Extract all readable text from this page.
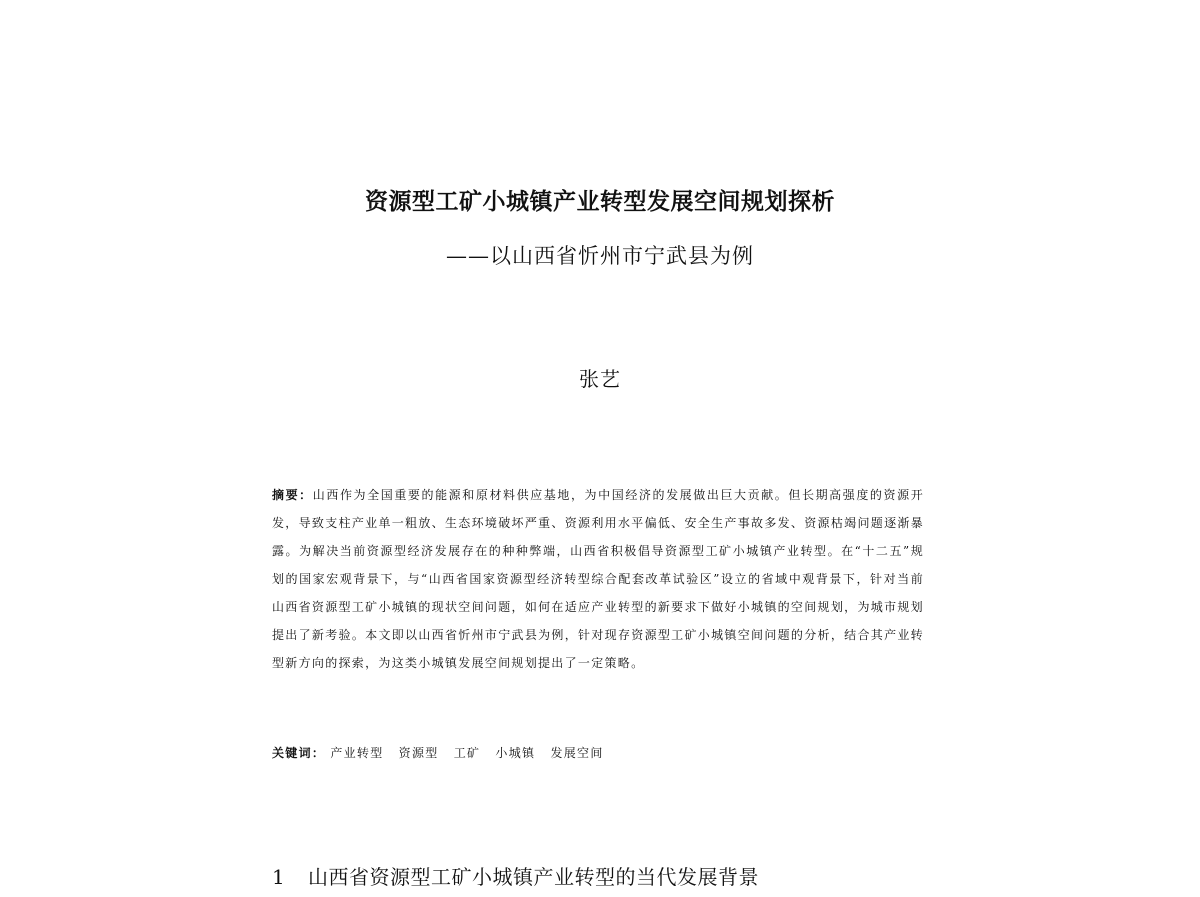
资源型工矿小城镇产业转型发展空间规划探析
——以山西省忻州市宁武县为例
张艺
摘要：山西作为全国重要的能源和原材料供应基地，为中国经济的发展做出巨大贡献。但长期高强度的资源开发，导致支柱产业单一粗放、生态环境破坏严重、资源利用水平偏低、安全生产事故多发、资源枯竭问题逐渐暴露。为解决当前资源型经济发展存在的种种弊端，山西省积极倡导资源型工矿小城镇产业转型。在“十二五”规划的国家宏观背景下，与“山西省国家资源型经济转型综合配套改革试验区”设立的省域中观背景下，针对当前山西省资源型工矿小城镇的现状空间问题，如何在适应产业转型的新要求下做好小城镇的空间规划，为城市规划提出了新考验。本文即以山西省忻州市宁武县为例，针对现存资源型工矿小城镇空间问题的分析，结合其产业转型新方向的探索，为这类小城镇发展空间规划提出了一定策略。
关键词： 产业转型 资源型 工矿 小城镇 发展空间
1 山西省资源型工矿小城镇产业转型的当代发展背景
